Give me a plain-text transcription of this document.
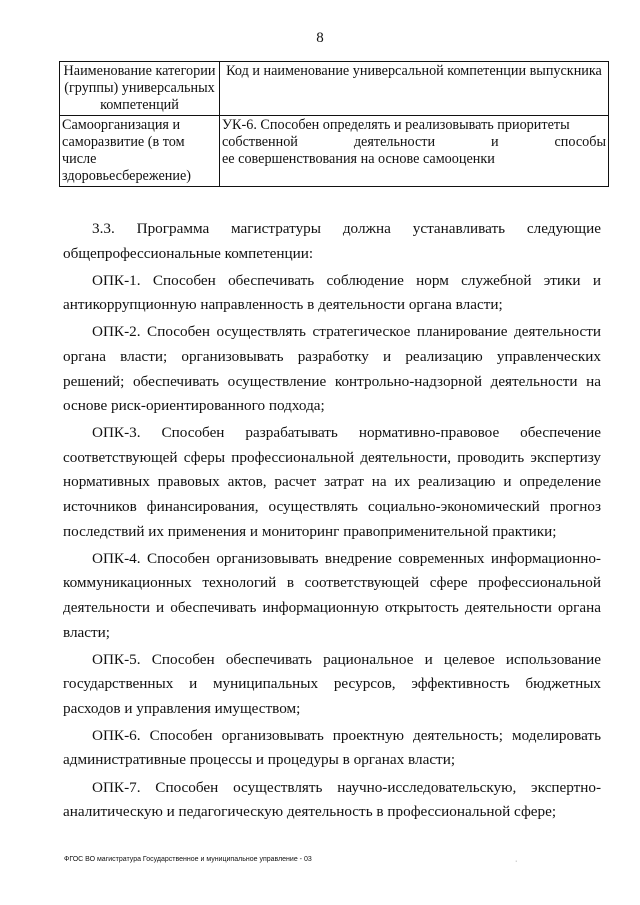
8
Наименование категории (группы) универсальных компетенций	Код и наименование универсальной компетенции выпускника
Самоорганизация и саморазвитие (в том числе здоровьесбережение)	УК-6. Способен определять и реализовывать приоритеты
собственной деятельности и способы
ее совершенствования на основе самооценки

3.3. Программа магистратуры должна устанавливать следующие общепрофессиональные компетенции:

ОПК-1. Способен обеспечивать соблюдение норм служебной этики и антикоррупционную направленность в деятельности органа власти;

ОПК-2. Способен осуществлять стратегическое планирование деятельности органа власти; организовывать разработку и реализацию управленческих решений; обеспечивать осуществление контрольно-надзорной деятельности на основе риск-ориентированного подхода;

ОПК-3. Способен разрабатывать нормативно-правовое обеспечение соответствующей сферы профессиональной деятельности, проводить экспертизу нормативных правовых актов, расчет затрат на их реализацию и определение источников финансирования, осуществлять социально-экономический прогноз последствий их применения и мониторинг правоприменительной практики;

ОПК-4. Способен организовывать внедрение современных информационно-коммуникационных технологий в соответствующей сфере профессиональной деятельности и обеспечивать информационную открытость деятельности органа власти;

ОПК-5. Способен обеспечивать рациональное и целевое использование государственных и муниципальных ресурсов, эффективность бюджетных расходов и управления имуществом;

ОПК-6. Способен организовывать проектную деятельность; моделировать административные процессы и процедуры в органах власти;

ОПК-7. Способен осуществлять научно-исследовательскую, экспертно-аналитическую и педагогическую деятельность в профессиональной сфере;

ФГОС ВО магистратура Государственное и муниципальное управление - 03	·
